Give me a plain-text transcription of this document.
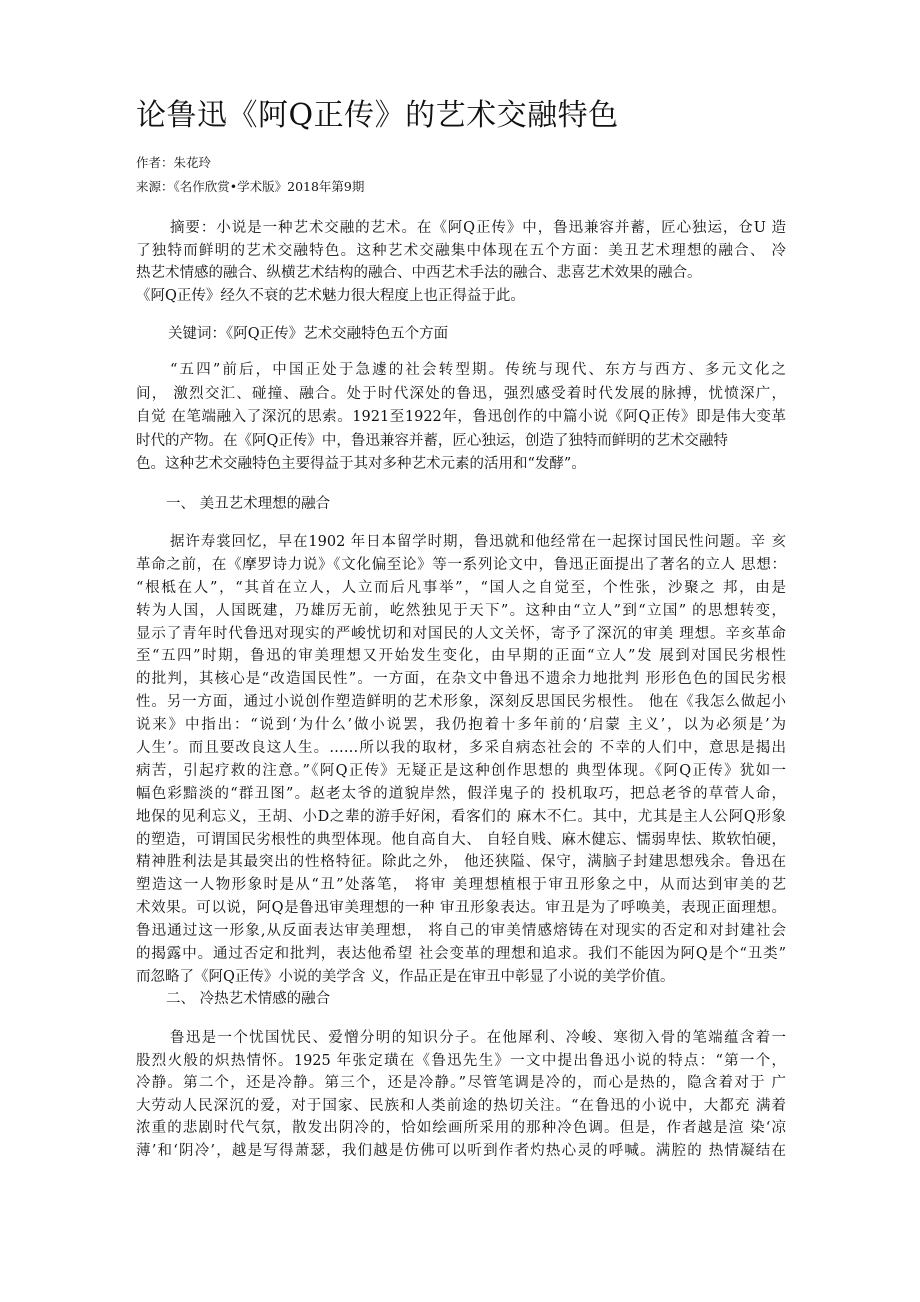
论鲁迅《阿Q正传》的艺术交融特色
作者：朱花玲
来源：《名作欣赏•学术版》2018年第9期
摘要：小说是一种艺术交融的艺术。在《阿Q正传》中，鲁迅兼容并蓄，匠心独运，仓U 造
了独特而鲜明的艺术交融特色。这种艺术交融集中体现在五个方面：美丑艺术理想的融合、 冷
热艺术情感的融合、纵横艺术结构的融合、中西艺术手法的融合、悲喜艺术效果的融合。
《阿Q正传》经久不衰的艺术魅力很大程度上也正得益于此。
关键词：《阿Q正传》艺术交融特色五个方面
“五四”前后，中国正处于急遽的社会转型期。传统与现代、东方与西方、多元文化之
间， 激烈交汇、碰撞、融合。处于时代深处的鲁迅，强烈感受着时代发展的脉搏，忧愤深广，
自觉 在笔端融入了深沉的思索。1921至1922年，鲁迅创作的中篇小说《阿Q正传》即是伟大变革
时代的产物。在《阿Q正传》中，鲁迅兼容并蓄，匠心独运，创造了独特而鲜明的艺术交融特
色。这种艺术交融特色主要得益于其对多种艺术元素的活用和“发酵”。
一、 美丑艺术理想的融合
据许寿裳回忆，早在1902 年日本留学时期，鲁迅就和他经常在一起探讨国民性问题。辛 亥
革命之前，在《摩罗诗力说》《文化偏至论》等一系列论文中，鲁迅正面提出了著名的立人 思想：
“根柢在人”，“其首在立人，人立而后凡事举”，“国人之自觉至，个性张，沙聚之 邦，由是
转为人国，人国既建，乃雄厉无前，屹然独见于天下”。这种由“立人”到“立国” 的思想转变，
显示了青年时代鲁迅对现实的严峻忧切和对国民的人文关怀，寄予了深沉的审美 理想。辛亥革命
至“五四”时期，鲁迅的审美理想又开始发生变化，由早期的正面“立人”发 展到对国民劣根性
的批判，其核心是“改造国民性”。一方面，在杂文中鲁迅不遗余力地批判 形形色色的国民劣根
性。另一方面，通过小说创作塑造鲜明的艺术形象，深刻反思国民劣根性。 他在《我怎么做起小
说来》中指出：“说到‘为什么’做小说罢，我仍抱着十多年前的‘启蒙 主义’，以为必须是’为
人生’。而且要改良这人生。……所以我的取材，多采自病态社会的 不幸的人们中，意思是揭出
病苦，引起疗救的注意。”《阿Q正传》无疑正是这种创作思想的 典型体现。《阿Q正传》犹如一
幅色彩黯淡的“群丑图”。赵老太爷的道貌岸然，假洋鬼子的 投机取巧，把总老爷的草菅人命，
地保的见利忘义，王胡、小D之辈的游手好闲，看客们的 麻木不仁。其中，尤其是主人公阿Q形象
的塑造，可谓国民劣根性的典型体现。他自高自大、 自轻自贱、麻木健忘、懦弱卑怯、欺软怕硬，
精神胜利法是其最突出的性格特征。除此之外， 他还狭隘、保守，满脑子封建思想残余。鲁迅在
塑造这一人物形象时是从“丑”处落笔， 将审 美理想植根于审丑形象之中，从而达到审美的艺
术效果。可以说，阿Q是鲁迅审美理想的一种 审丑形象表达。审丑是为了呼唤美，表现正面理想。
鲁迅通过这一形象,从反面表达审美理想， 将自己的审美情感熔铸在对现实的否定和对封建社会
的揭露中。通过否定和批判，表达他希望 社会变革的理想和追求。我们不能因为阿Q是个“丑类”
而忽略了《阿Q正传》小说的美学含 义，作品正是在审丑中彰显了小说的美学价值。
二、 冷热艺术情感的融合
鲁迅是一个忧国忧民、爱憎分明的知识分子。在他犀利、冷峻、寒彻入骨的笔端蕴含着一
股烈火般的炽热情怀。1925 年张定璜在《鲁迅先生》一文中提出鲁迅小说的特点：“第一个，
冷静。第二个，还是冷静。第三个，还是冷静。”尽管笔调是冷的，而心是热的，隐含着对于 广
大劳动人民深沉的爱，对于国家、民族和人类前途的热切关注。“在鲁迅的小说中，大都充 满着
浓重的悲剧时代气氛，散发出阴冷的，恰如绘画所采用的那种冷色调。但是，作者越是渲 染‘凉
薄’和‘阴冷’，越是写得萧瑟，我们越是仿佛可以听到作者灼热心灵的呼喊。满腔的 热情凝结在
